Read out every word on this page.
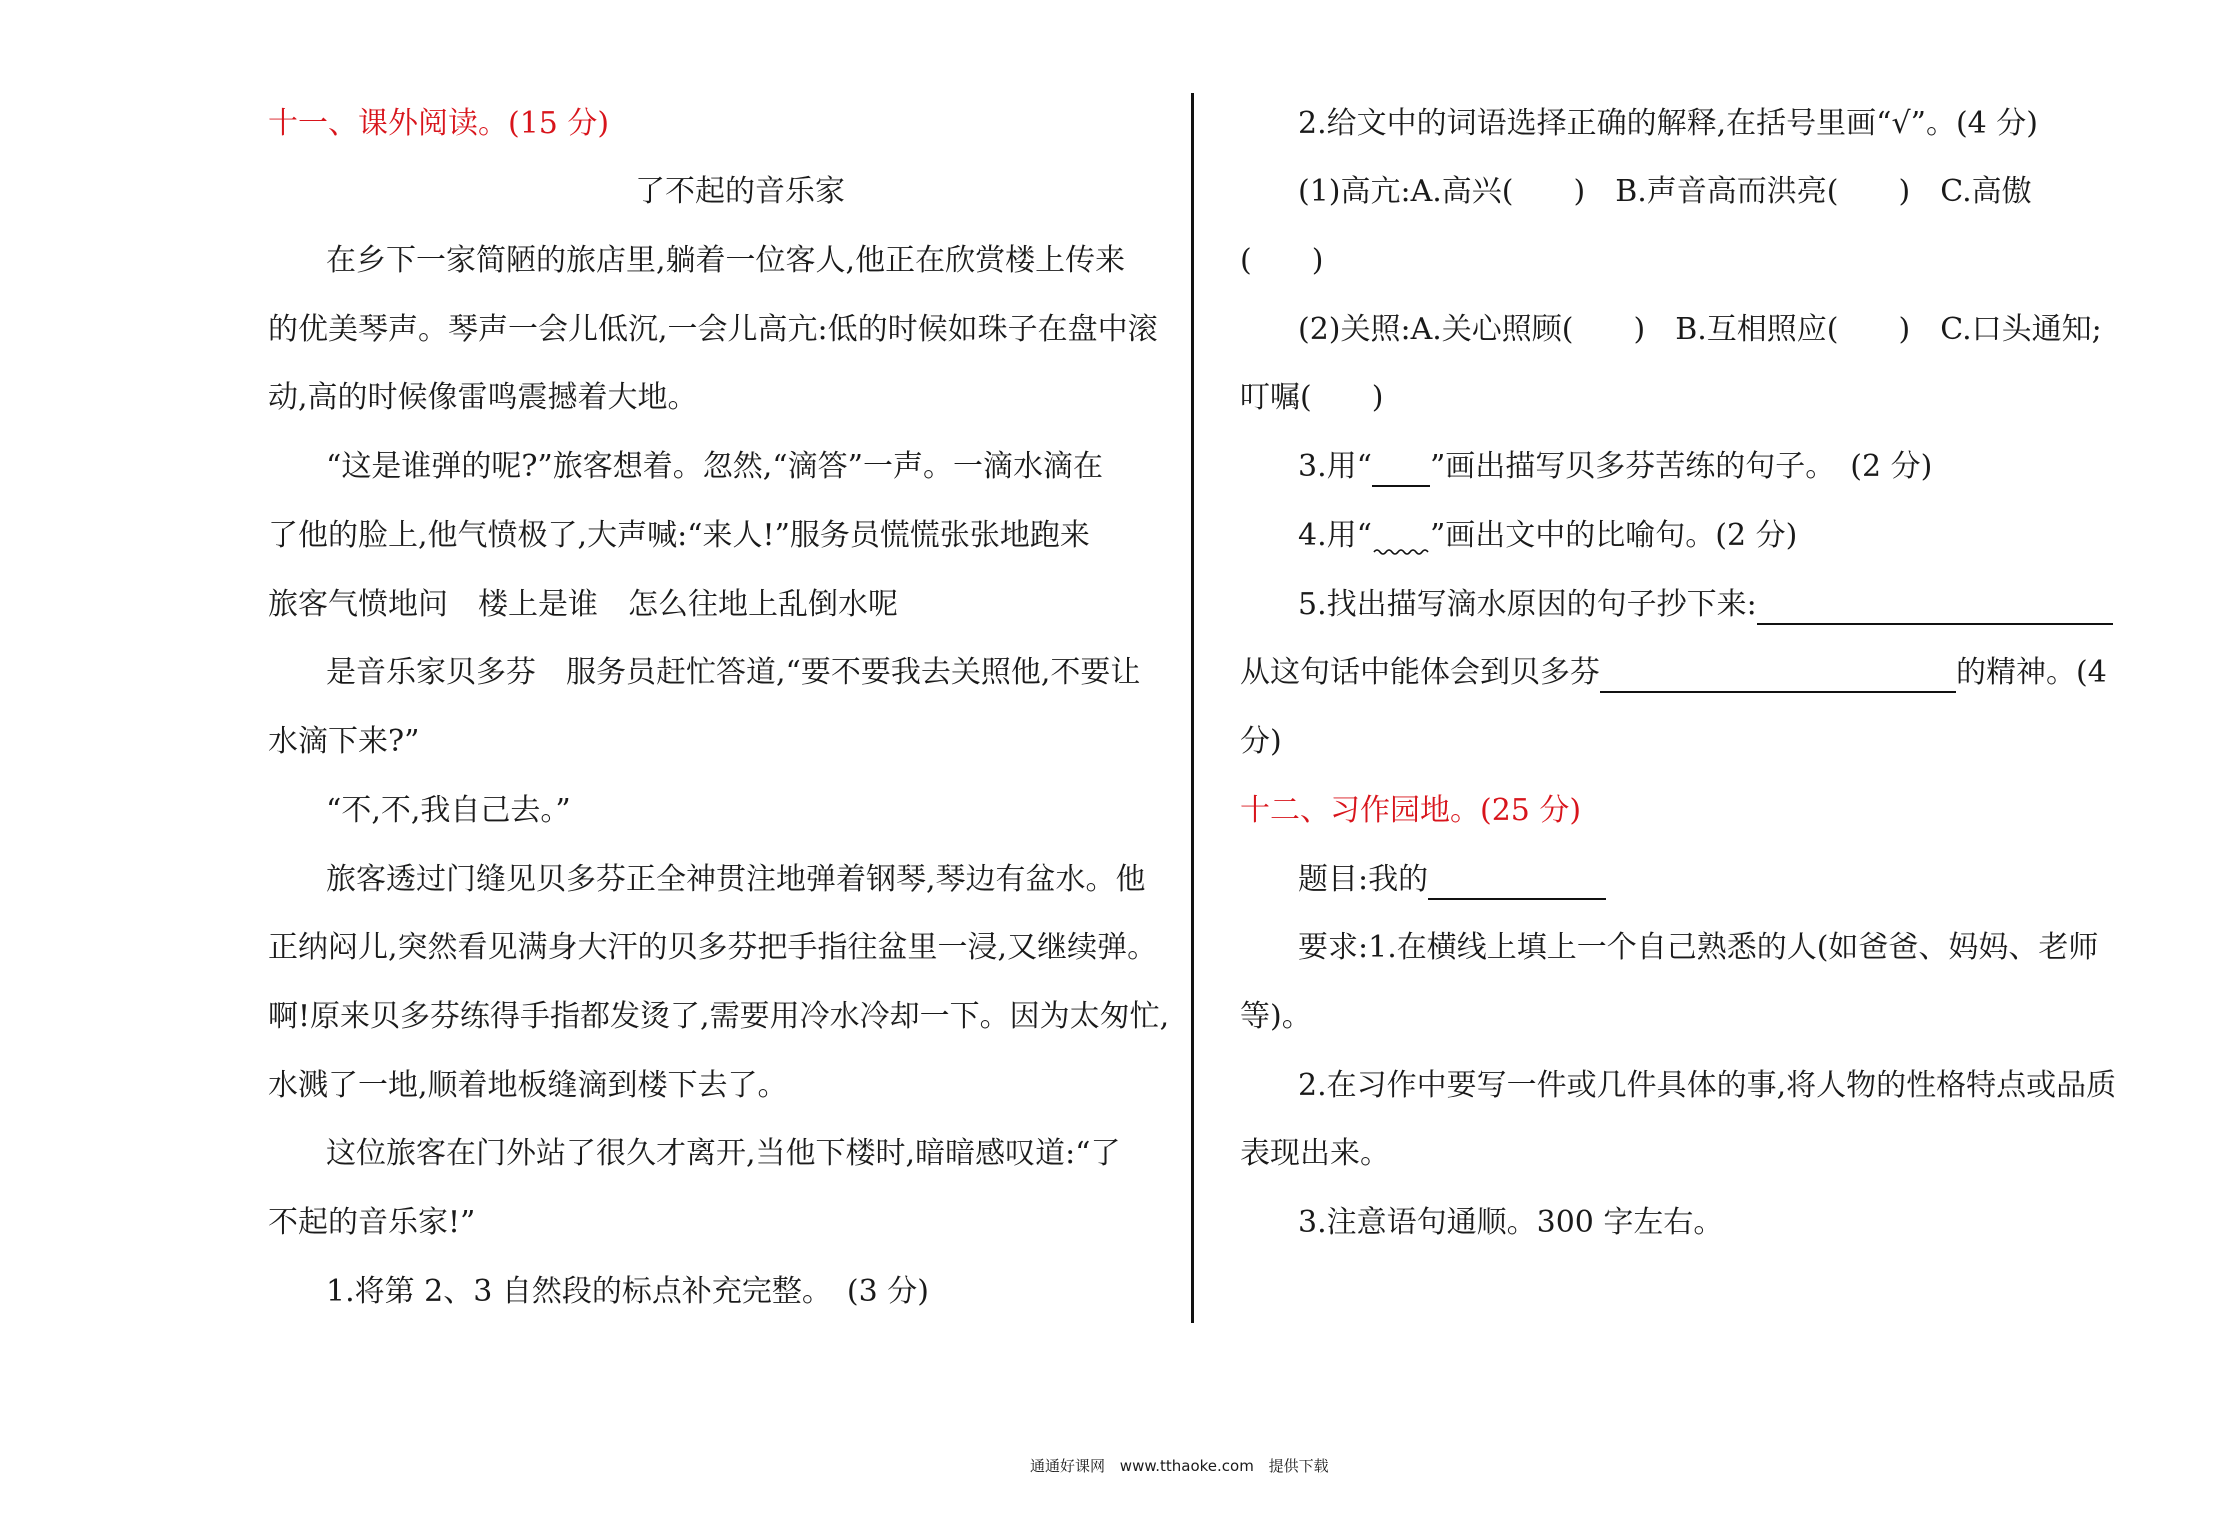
十一、课外阅读。(15 分)
了不起的音乐家
在乡下一家简陋的旅店里,躺着一位客人,他正在欣赏楼上传来
的优美琴声。琴声一会儿低沉,一会儿高亢:低的时候如珠子在盘中滚
动,高的时候像雷鸣震撼着大地。
“这是谁弹的呢?”旅客想着。忽然,“滴答”一声。一滴水滴在
了他的脸上,他气愤极了,大声喊:“来人!”服务员慌慌张张地跑来
旅客气愤地问　楼上是谁　怎么往地上乱倒水呢
是音乐家贝多芬　服务员赶忙答道,“要不要我去关照他,不要让
水滴下来?”
“不,不,我自己去。”
旅客透过门缝见贝多芬正全神贯注地弹着钢琴,琴边有盆水。他
正纳闷儿,突然看见满身大汗的贝多芬把手指往盆里一浸,又继续弹。
啊!原来贝多芬练得手指都发烫了,需要用冷水冷却一下。因为太匆忙,
水溅了一地,顺着地板缝滴到楼下去了。
这位旅客在门外站了很久才离开,当他下楼时,暗暗感叹道:“了
不起的音乐家!”
1.将第 2、3 自然段的标点补充完整。　(3 分)
2.给文中的词语选择正确的解释,在括号里画“√”。(4 分)
(1)高亢:A.高兴(　　)　B.声音高而洪亮(　　)　C.高傲
(　　)
(2)关照:A.关心照顾(　　)　B.互相照应(　　)　C.口头通知;
叮嘱(　　)
3.用“ ”画出描写贝多芬苦练的句子。　(2 分)
4.用“ ”画出文中的比喻句。(2 分)
5.找出描写滴水原因的句子抄下来:
从这句话中能体会到贝多芬	的精神。(4
分)
十二、习作园地。(25 分)
题目:我的
要求:1.在横线上填上一个自己熟悉的人(如爸爸、妈妈、老师
等)。
2.在习作中要写一件或几件具体的事,将人物的性格特点或品质
表现出来。
3.注意语句通顺。300 字左右。
通通好课网 www.tthaoke.com 提供下载
